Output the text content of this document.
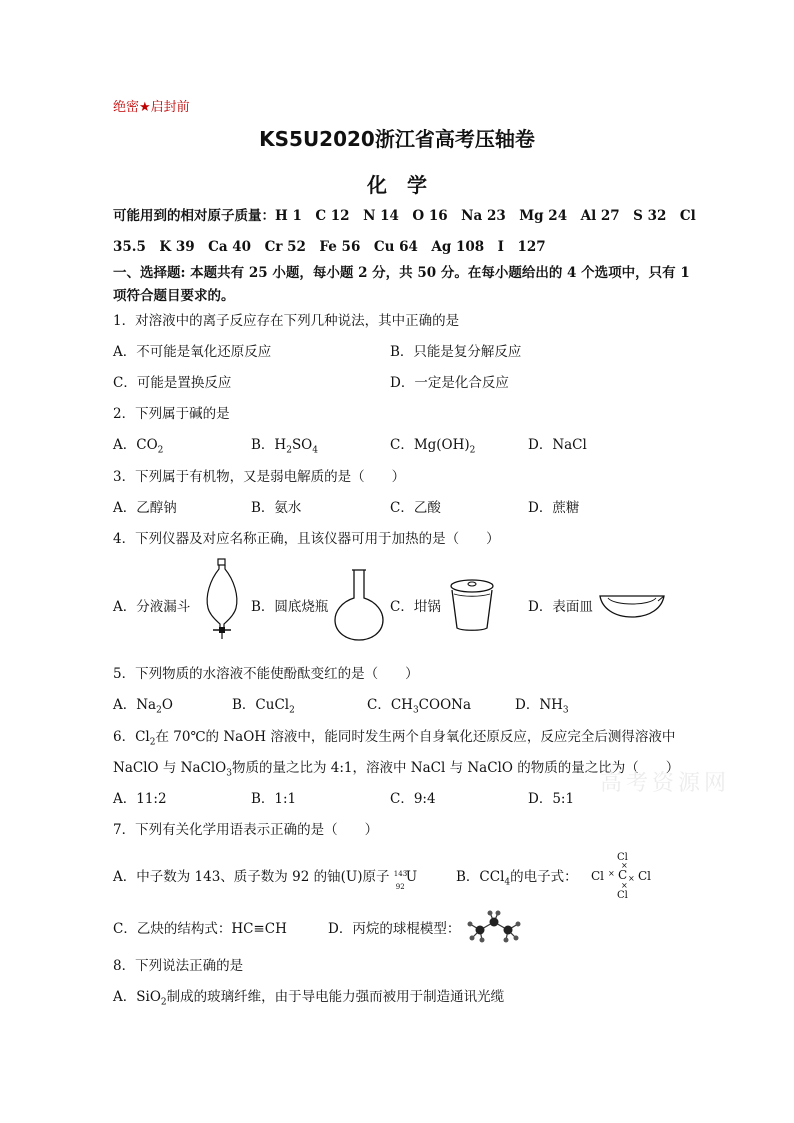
绝密★启封前
KS5U2020浙江省高考压轴卷
化　学
可能用到的相对原子质量：H 1　C 12　N 14　O 16　Na 23　Mg 24　Al 27　S 32　Cl
35.5　K 39　Ca 40　Cr 52　Fe 56　Cu 64　Ag 108　I　127
一、选择题: 本题共有 25 小题，每小题 2 分，共 50 分。在每小题给出的 4 个选项中，只有 1
项符合题目要求的。
1．对溶液中的离子反应存在下列几种说法，其中正确的是
A．不可能是氧化还原反应	B．只能是复分解反应
C．可能是置换反应	D．一定是化合反应
2．下列属于碱的是
A．$CO_2$	B．$H_2SO_4$	C．$Mg(OH)_2$	D．NaCl
3．下列属于有机物，又是弱电解质的是（　　）
A．乙醇钠	B．氨水	C．乙酸	D．蔗糖
4．下列仪器及对应名称正确，且该仪器可用于加热的是（　　）
A．分液漏斗	B．圆底烧瓶	C．坩锅	D．表面皿
5．下列物质的水溶液不能使酚酞变红的是（　　）
A．$Na_2O$	B．CuCl$_2$	C．$CH_3COONa$	D．$NH_3$
6．$Cl_2$在 70℃的 NaOH 溶液中，能同时发生两个自身氧化还原反应，反应完全后测得溶液中
NaClO 与 NaClO$_3$物质的量之比为 4:1，溶液中 NaCl 与 NaClO 的物质的量之比为（　　）
高考资源网
A．11:2	B．1:1	C．9:4	D．5:1
7．下列有关化学用语表示正确的是（　　）
A．中子数为 143、质子数为 92 的铀(U)原子 143
92
U	B．CCl$_4$的电子式：
Cl
×
Cl × C × Cl
×
Cl
C．乙炔的结构式：HC≡CH	D．丙烷的球棍模型：
8．下列说法正确的是
A．SiO$_2$制成的玻璃纤维，由于导电能力强而被用于制造通讯光缆
